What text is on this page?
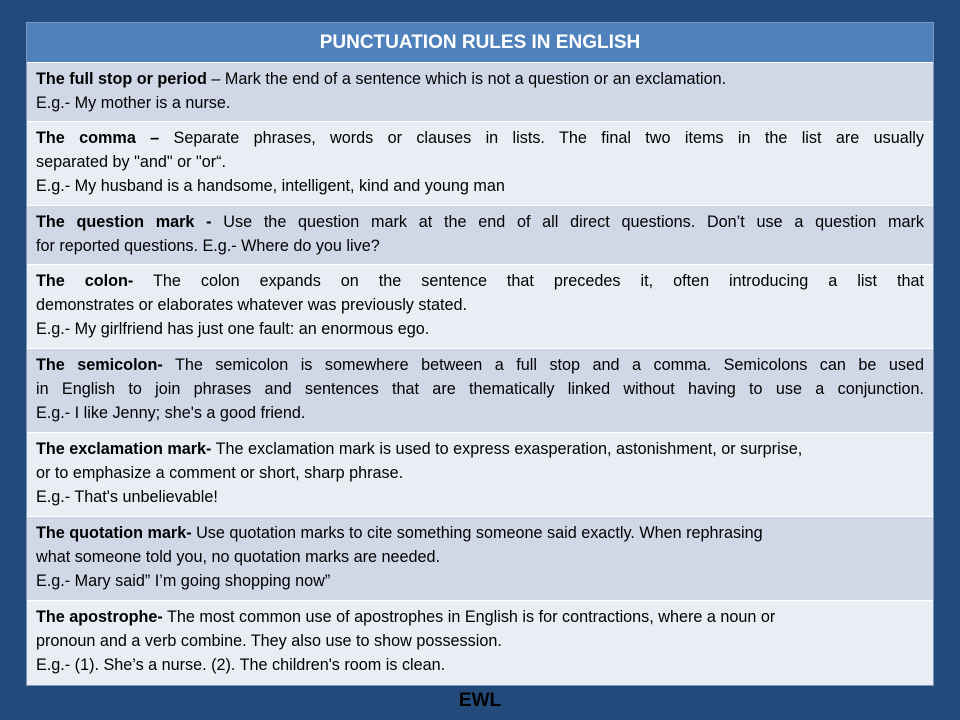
PUNCTUATION RULES IN ENGLISH
The full stop or period – Mark the end of a sentence which is not a question or an exclamation.
E.g.- My mother is a nurse.
The comma – Separate phrases, words or clauses in lists. The final two items in the list are usually
separated by "and" or "or“.
E.g.- My husband is a handsome, intelligent, kind and young man
The question mark - Use the question mark at the end of all direct questions. Don’t use a question mark
for reported questions. E.g.- Where do you live?
The colon- The colon expands on the sentence that precedes it, often introducing a list that
demonstrates or elaborates whatever was previously stated.
E.g.- My girlfriend has just one fault: an enormous ego.
The semicolon- The semicolon is somewhere between a full stop and a comma. Semicolons can be used
in English to join phrases and sentences that are thematically linked without having to use a conjunction.
E.g.- I like Jenny; she's a good friend.
The exclamation mark- The exclamation mark is used to express exasperation, astonishment, or surprise,
or to emphasize a comment or short, sharp phrase.
E.g.- That's unbelievable!
The quotation mark- Use quotation marks to cite something someone said exactly. When rephrasing
what someone told you, no quotation marks are needed.
E.g.- Mary said” I’m going shopping now”
The apostrophe- The most common use of apostrophes in English is for contractions, where a noun or
pronoun and a verb combine. They also use to show possession.
E.g.- (1). She’s a nurse. (2). The children's room is clean.
EWL
